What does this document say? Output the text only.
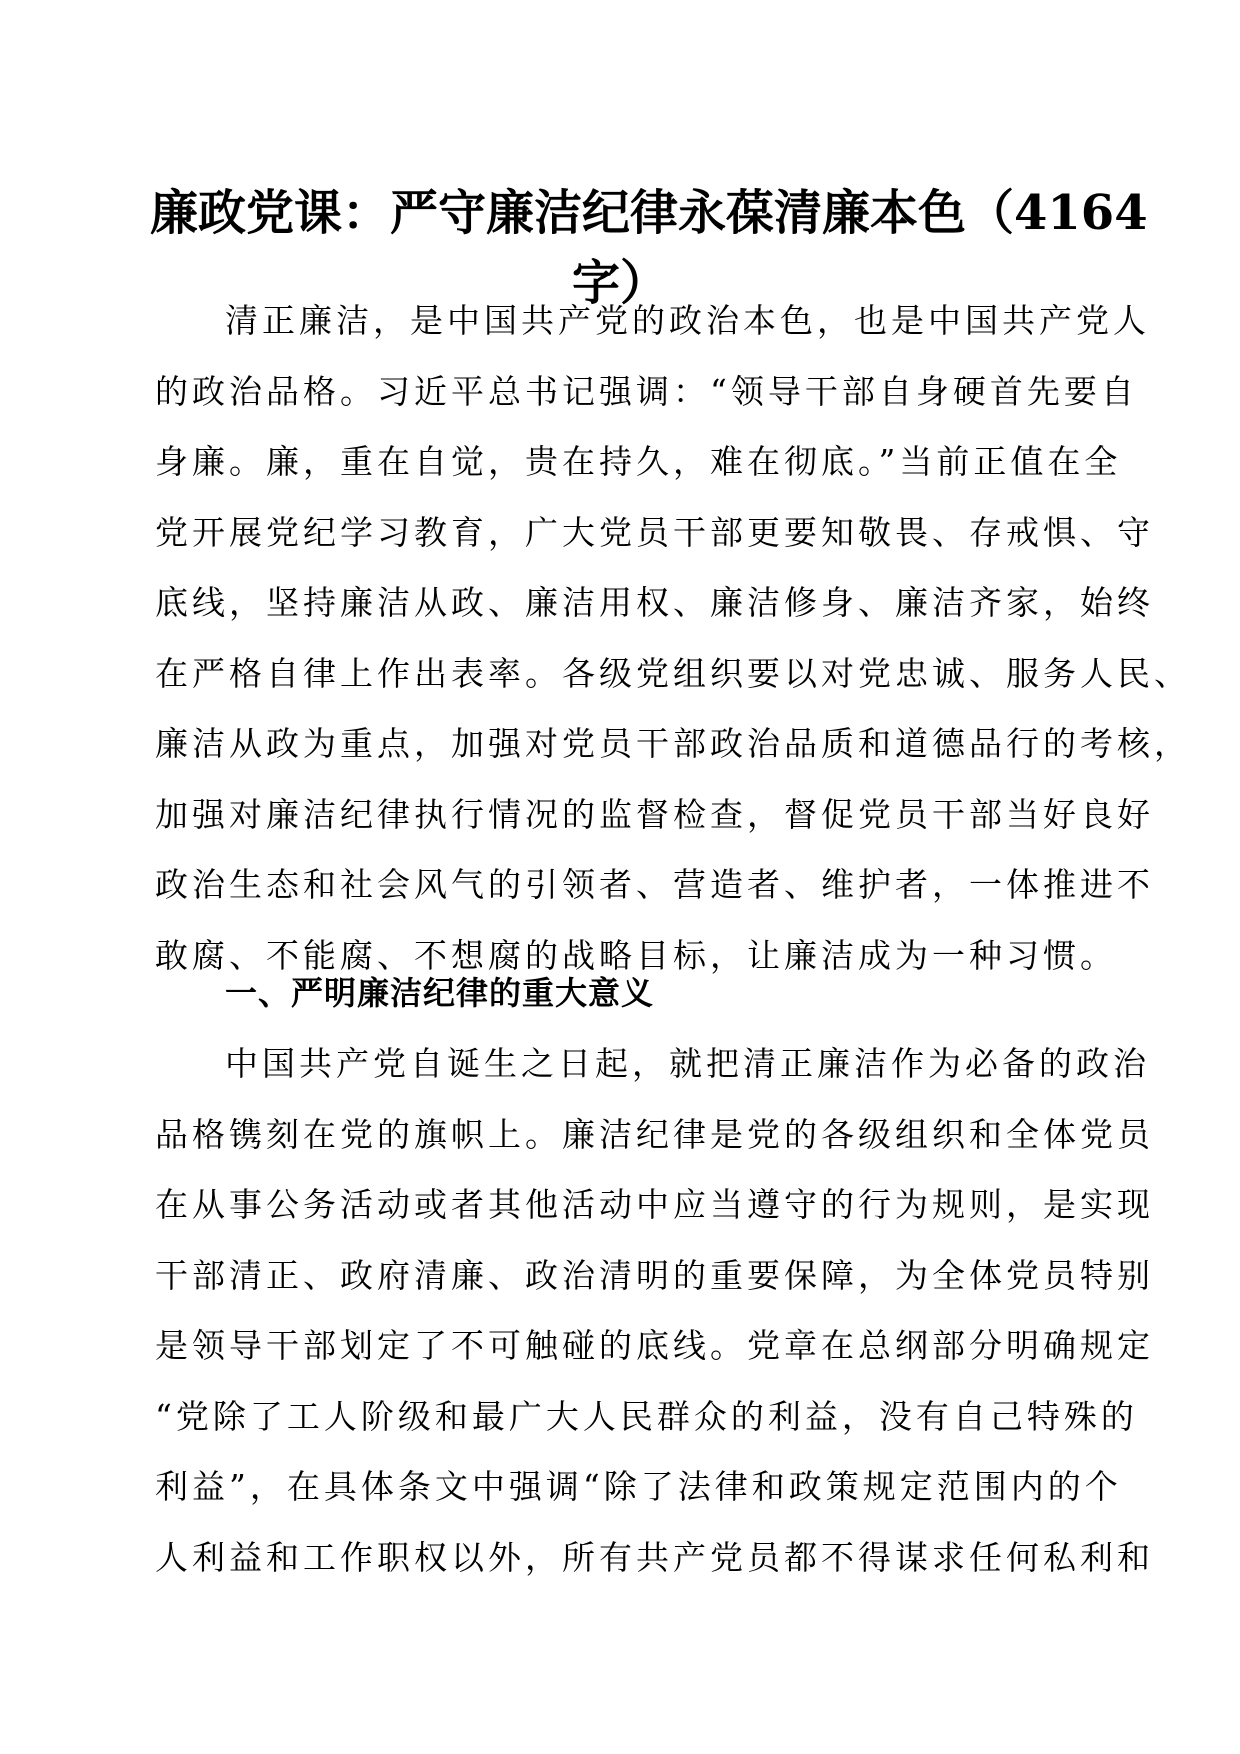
廉政党课：严守廉洁纪律永葆清廉本色（4164
字）
清正廉洁，是中国共产党的政治本色，也是中国共产党人
的政治品格。习近平总书记强调：“领导干部自身硬首先要自
身廉。廉，重在自觉，贵在持久，难在彻底。”当前正值在全
党开展党纪学习教育，广大党员干部更要知敬畏、存戒惧、守
底线，坚持廉洁从政、廉洁用权、廉洁修身、廉洁齐家，始终
在严格自律上作出表率。各级党组织要以对党忠诚、服务人民、
廉洁从政为重点，加强对党员干部政治品质和道德品行的考核，
加强对廉洁纪律执行情况的监督检查，督促党员干部当好良好
政治生态和社会风气的引领者、营造者、维护者，一体推进不
敢腐、不能腐、不想腐的战略目标，让廉洁成为一种习惯。
一、严明廉洁纪律的重大意义
中国共产党自诞生之日起，就把清正廉洁作为必备的政治
品格镌刻在党的旗帜上。廉洁纪律是党的各级组织和全体党员
在从事公务活动或者其他活动中应当遵守的行为规则，是实现
干部清正、政府清廉、政治清明的重要保障，为全体党员特别
是领导干部划定了不可触碰的底线。党章在总纲部分明确规定
“党除了工人阶级和最广大人民群众的利益，没有自己特殊的
利益”，在具体条文中强调“除了法律和政策规定范围内的个
人利益和工作职权以外，所有共产党员都不得谋求任何私利和
